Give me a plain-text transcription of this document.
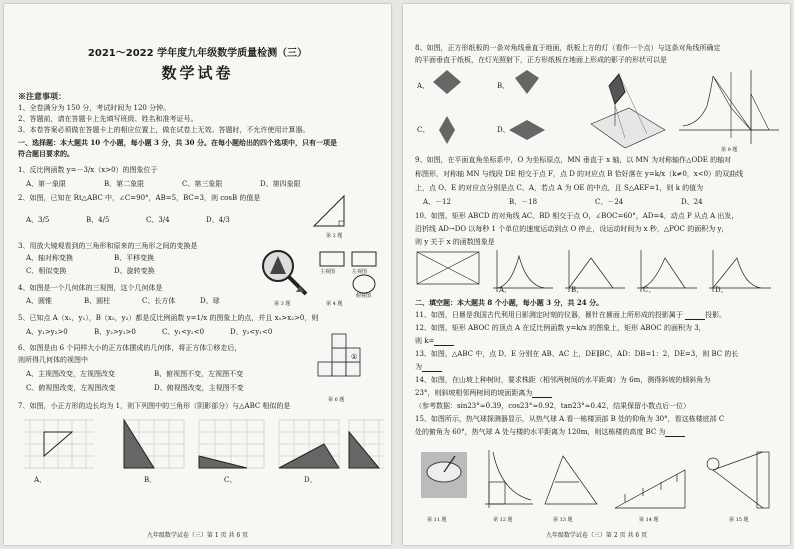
2021～2022 学年度九年级数学质量检测（三）
数学试卷
※注意事项：
1、全卷满分为 150 分，考试时间为 120 分钟。
2、答题前，请在答题卡上先填写班级、姓名和准考证号。
3、本卷答案必须做在答题卡上的相应位置上，做在试卷上无效。答题时，不允许使用计算器。
一、选择题：本大题共 10 个小题，每小题 3 分，共 30 分。在每小题给出的四个选项中，只有一项是
符合题目要求的。
1、反比例函数 y=－3/x（x>0）的图象位于
A、第一象限	B、第二象限	C、第三象限	D、第四象限
2、如图，已知在 Rt△ABC 中，∠C=90°，AB=5，BC=3，则 cosB 的值是
A、3/5	B、4/5	C、3/4	D、4/3
第 2 题
3、用放大镜观看到的三角形和原来的三角形之间的变换是
A、轴对称变换	B、平移变换
C、相似变换	D、旋转变换
第 3 题
主视图	左视图
俯视图
第 4 题
4、如图是一个几何体的三视图，这个几何体是
A、圆锥	B、圆柱	C、长方体	D、球
5、已知点 A（x₁，y₁），B（x₂，y₂）都是反比例函数 y=1/x 的图象上的点，并且 x₁>x₂>0，则
A、y₁>y₂>0	B、y₂>y₁>0	C、y₁<y₂<0	D、y₂<y₁<0
6、如图是由 6 个同样大小的正方体摆成的几何体，将正方体①移走后，
则所得几何体的视图中
A、主视图改变，左视图改变	B、俯视图不变，左视图不变
C、俯视图改变，左视图改变	D、俯视图改变，主视图不变
①
第 6 题
7、如图，小正方形的边长均为 1，则下列图中的三角形（阴影部分）与△ABC 相似的是
A、	B、	C、	D、
九年级数学试卷（三）第 1 页 共 6 页
8、如图，正方形纸板的一条对角线垂直于地面，纸板上方的灯（看作一个点）与这条对角线所确定
的平面垂直于纸板，在灯光照射下，正方形纸板在地面上形成的影子的形状可以是
A、	B、
C、	D、
第 9 题
9、如图，在平面直角坐标系中，O 为坐标原点，MN 垂直于 x 轴，以 MN 为对称轴作△ODE 的轴对
称图形，对称轴 MN 与线段 DE 相交于点 F，点 D 的对应点 B 恰好落在 y=k/x（k≠0，x<0）的双曲线
上，点 O、E 的对应点分别是点 C、A，若点 A 为 OE 的中点，且 S△AEF=1，则 k 的值为
A、－12	B、－18	C、－24	D、24
10、如图，矩形 ABCD 的对角线 AC、BD 相交于点 O，∠BOC=60°，AD=4，动点 P 从点 A 出发，
沿折线 AD→DO 以每秒 1 个单位的速度运动到点 O 停止，设运动时间为 x 秒，△POC 的面积为 y，
则 y 关于 x 的函数图象是
A、	B、	C、	D、
二、填空题：本大题共 8 个小题，每小题 3 分，共 24 分。
11、如图，日晷是我国古代利用日影测定时刻的仪器，晷针在晷面上所形成的投影属于	投影。
12、如图，矩形 ABOC 的顶点 A 在反比例函数 y=k/x 的图象上，矩形 ABOC 的面积为 3，
则 k=
13、如图，△ABC 中，点 D、E 分别在 AB、AC 上，DE∥BC，AD：DB=1：2，DE=3，则 BC 的长
为
14、如图，在山坡上种树时，要求株距（相邻两树间的水平距离）为 6m，测得斜坡的倾斜角为
23°，则斜坡相邻两树间的坡面距离为
（参考数据：sin23°≈0.39，cos23°≈0.92，tan23°≈0.42，结果保留小数点后一位）
15、如图所示，热气球探测器显示，从热气球 A 看一栋楼顶部 B 处的仰角为 30°，看这栋楼底部 C
处的俯角为 60°，热气球 A 处与楼的水平距离为 120m，则这栋楼的高度 BC 为
第 11 题	第 12 题	第 13 题	第 14 题	第 15 题
九年级数学试卷（三）第 2 页 共 6 页
